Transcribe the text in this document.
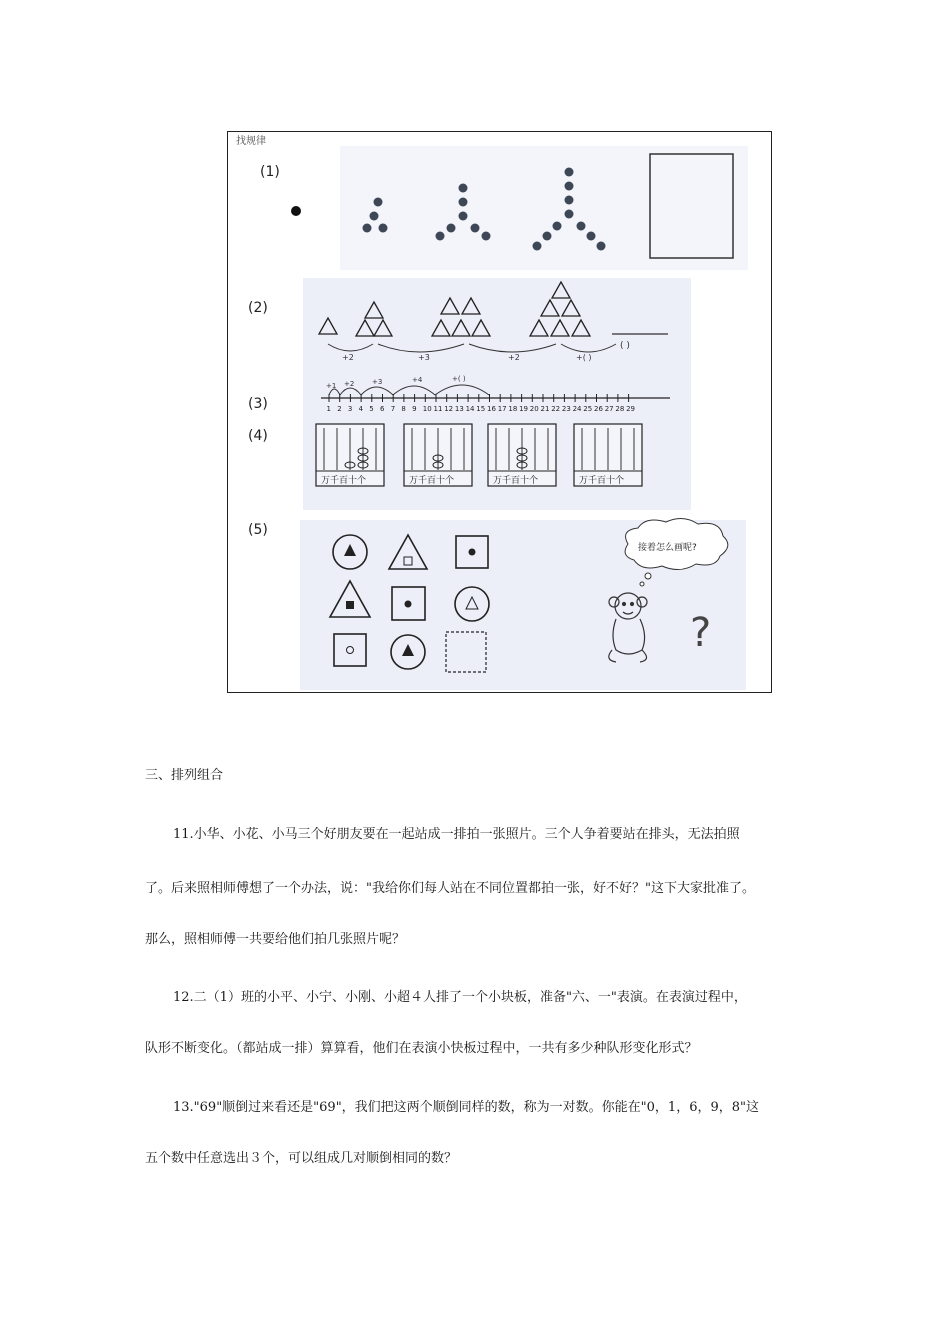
找规律
(1)
(2)
+2	+3	+2	+( )
( )
(3)
+1 +2	+3	+4	+( )
1 2 3 4 5 6 7 8 9 10 11 12 13 14 15 16 17 18 19 20 21 22 23 24 25 26 27 28 29
(4)
万千百十个	万千百十个	万千百十个	万千百十个
(5)
接着怎么画呢?
?
三、排列组合
11.小华、小花、小马三个好朋友要在一起站成一排拍一张照片。三个人争着要站在排头，无法拍照
了。后来照相师傅想了一个办法，说："我给你们每人站在不同位置都拍一张，好不好？"这下大家批准了。
那么，照相师傅一共要给他们拍几张照片呢？
12.二（1）班的小平、小宁、小刚、小超４人排了一个小块板，准备"六、一"表演。在表演过程中，
队形不断变化。（都站成一排）算算看，他们在表演小快板过程中，一共有多少种队形变化形式？
13."69"顺倒过来看还是"69"，我们把这两个顺倒同样的数，称为一对数。你能在"0，1，6，9，8"这
五个数中任意选出３个，可以组成几对顺倒相同的数？
